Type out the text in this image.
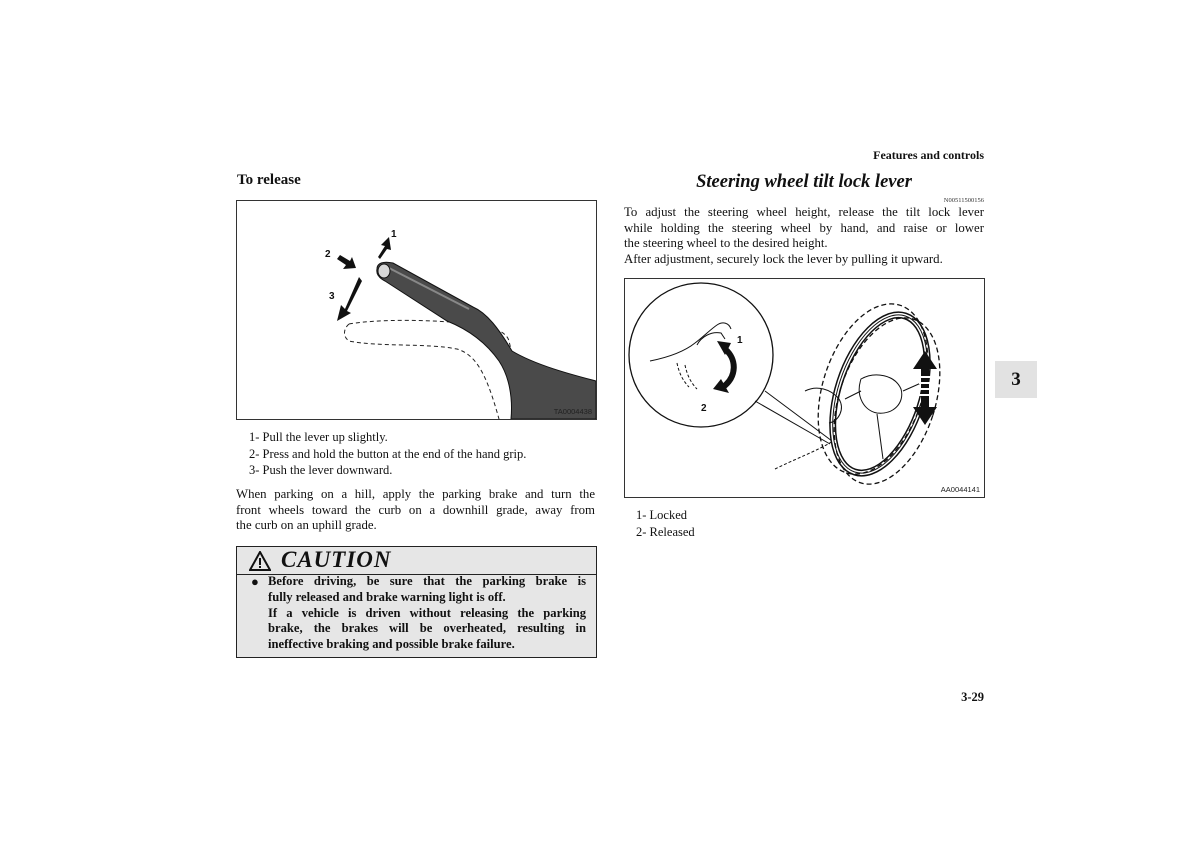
Features and controls
To release
1
2
3
TA0004438
1- Pull the lever up slightly.
2- Press and hold the button at the end of the hand grip.
3- Push the lever downward.
When parking on a hill, apply the parking brake and turn the
front wheels toward the curb on a downhill grade, away from
the curb on an uphill grade.
CAUTION
● Before driving, be sure that the parking brake is
fully released and brake warning light is off.
If a vehicle is driven without releasing the parking
brake, the brakes will be overheated, resulting in
ineffective braking and possible brake failure.
Steering wheel tilt lock lever
N00511500156
To adjust the steering wheel height, release the tilt lock lever
while holding the steering wheel by hand, and raise or lower
the steering wheel to the desired height.
After adjustment, securely lock the lever by pulling it upward.
1
2
AA0044141
1- Locked
2- Released
3
3-29
